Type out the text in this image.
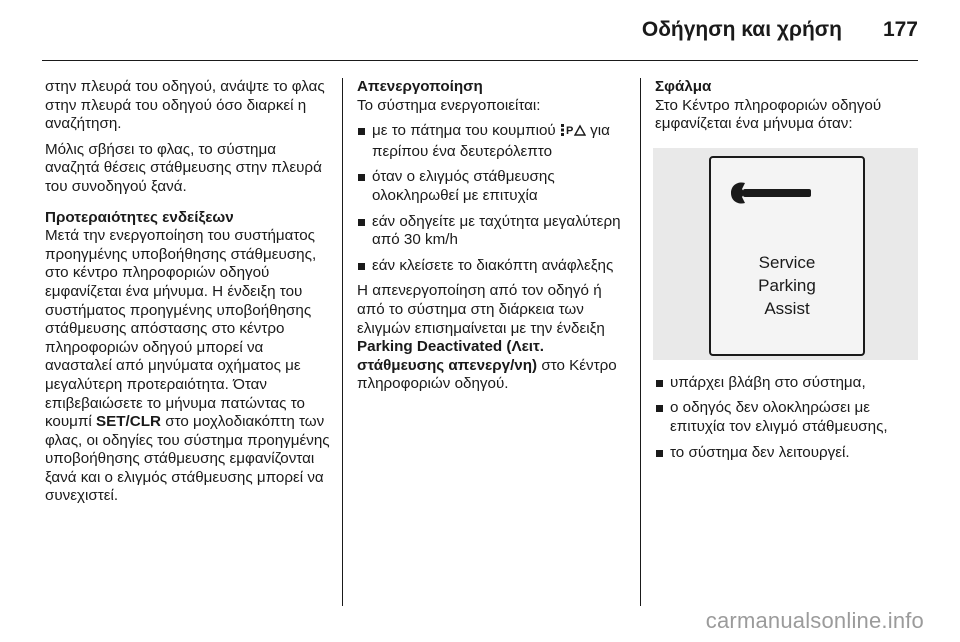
Οδήγηση και χρήση 177

στην πλευρά του οδηγού, ανάψτε το φλας στην πλευρά του οδηγού όσο διαρκεί η αναζήτηση.

Μόλις σβήσει το φλας, το σύστημα αναζητά θέσεις στάθμευσης στην πλευρά του συνοδηγού ξανά.

Προτεραιότητες ενδείξεων
Μετά την ενεργοποίηση του συστήματος προηγμένης υποβοήθησης στάθμευσης, στο κέντρο πληροφοριών οδηγού εμφανίζεται ένα μήνυμα. Η ένδειξη του συστήματος προηγμένης υποβοήθησης στάθμευσης απόστασης στο κέντρο πληροφοριών οδηγού μπορεί να ανασταλεί από μηνύματα οχήματος με μεγαλύτερη προτεραιότητα. Όταν επιβεβαιώσετε το μήνυμα πατώντας το κουμπί SET/CLR στο μοχλοδιακόπτη των φλας, οι οδηγίες του σύστημα προηγμένης υποβοήθησης στάθμευσης εμφανίζονται ξανά και ο ελιγμός στάθμευσης μπορεί να συνεχιστεί.

Απενεργοποίηση

Το σύστημα ενεργοποιείται:

με το πάτημα του κουμπιού P για περίπου ένα δευτερόλεπτο
όταν ο ελιγμός στάθμευσης ολοκληρωθεί με επιτυχία
εάν οδηγείτε με ταχύτητα μεγαλύτερη από 30 km/h
εάν κλείσετε το διακόπτη ανάφλεξης

Η απενεργοποίηση από τον οδηγό ή από το σύστημα στη διάρκεια των ελιγμών επισημαίνεται με την ένδειξη Parking Deactivated (Λειτ. στάθμευσης απενεργ/νη) στο Κέντρο πληροφοριών οδηγού.

Σφάλμα

Στο Κέντρο πληροφοριών οδηγού εμφανίζεται ένα μήνυμα όταν:

Service
Parking
Assist
υπάρχει βλάβη στο σύστημα,
ο οδηγός δεν ολοκληρώσει με επιτυχία τον ελιγμό στάθμευσης,
το σύστημα δεν λειτουργεί.
carmanualsonline.info
